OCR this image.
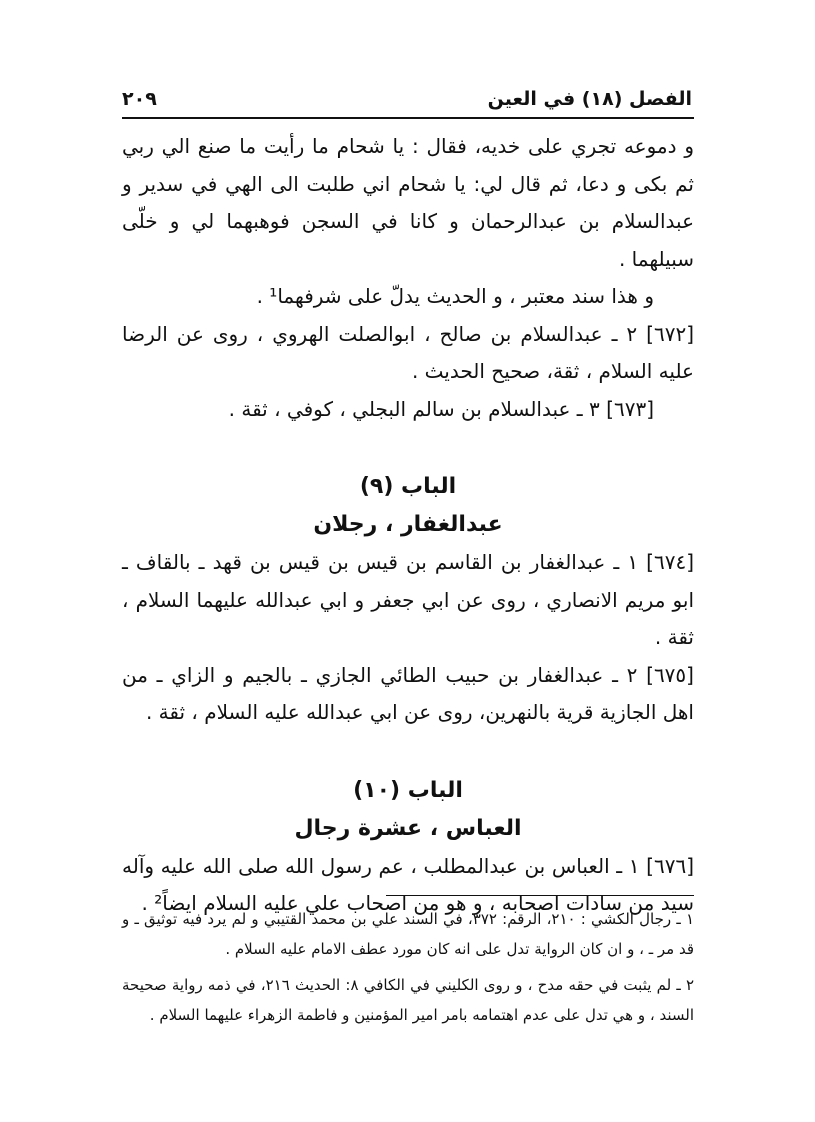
٢٠٩	الفصل (١٨) في العين

و دموعه تجري على خديه، فقال : يا شحام ما رأيت ما صنع الي ربي ثم بكى و دعا، ثم قال لي: يا شحام اني طلبت الى الهي في سدير و عبدالسلام بن عبدالرحمان و كانا في السجن فوهبهما لي و خلّى سبيلهما .

و هذا سند معتبر ، و الحديث يدلّ على شرفهما¹ .

[٦٧٢] ٢ ـ عبدالسلام بن صالح ، ابوالصلت الهروي ، روى عن الرضا عليه السلام ، ثقة، صحيح الحديث .

[٦٧٣] ٣ ـ عبدالسلام بن سالم البجلي ، كوفي ، ثقة .

الباب (٩)

عبدالغفار ، رجلان

[٦٧٤] ١ ـ عبدالغفار بن القاسم بن قيس بن قيس بن قهد ـ بالقاف ـ ابو مريم الانصاري ، روى عن ابي جعفر و ابي عبدالله عليهما السلام ، ثقة .

[٦٧٥] ٢ ـ عبدالغفار بن حبيب الطائي الجازي ـ بالجيم و الزاي ـ من اهل الجازية قرية بالنهرين، روى عن ابي عبدالله عليه السلام ، ثقة .

الباب (١٠)

العباس ، عشرة رجال

[٦٧٦] ١ ـ العباس بن عبدالمطلب ، عم رسول الله صلى الله عليه وآله سيد من سادات اصحابه ، و هو من اصحاب علي عليه السلام ايضاً² .

١ ـ رجال الكشي : ٢١٠، الرقم: ٣٧٢، في السند علي بن محمد القتيبي و لم يرد فيه توثيق ـ و قد مر ـ ، و ان كان الرواية تدل على انه كان مورد عطف الامام عليه السلام .

٢ ـ لم يثبت في حقه مدح ، و روى الكليني في الكافي ٨: الحديث ٢١٦، في ذمه رواية صحيحة السند ، و هي تدل على عدم اهتمامه بامر امير المؤمنين و فاطمة الزهراء عليهما السلام .
